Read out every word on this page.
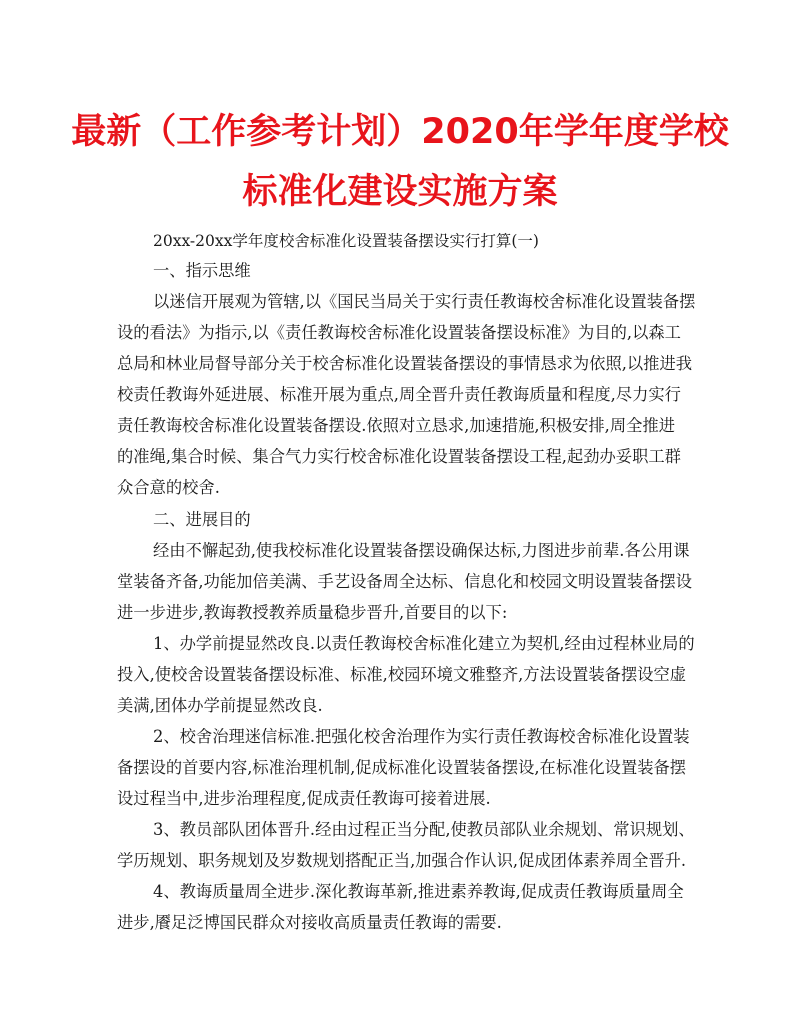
最新（工作参考计划）2020年学年度学校
标准化建设实施方案
20xx-20xx学年度校舍标准化设置装备摆设实行打算(一)
一、指示思维
以迷信开展观为管辖,以《国民当局关于实行责任教诲校舍标准化设置装备摆
设的看法》为指示,以《责任教诲校舍标准化设置装备摆设标准》为目的,以森工
总局和林业局督导部分关于校舍标准化设置装备摆设的事情恳求为依照,以推进我
校责任教诲外延进展、标准开展为重点,周全晋升责任教诲质量和程度,尽力实行
责任教诲校舍标准化设置装备摆设.依照对立恳求,加速措施,积极安排,周全推进
的准绳,集合时候、集合气力实行校舍标准化设置装备摆设工程,起劲办妥职工群
众合意的校舍.
二、进展目的
经由不懈起劲,使我校标准化设置装备摆设确保达标,力图进步前辈.各公用课
堂装备齐备,功能加倍美满、手艺设备周全达标、信息化和校园文明设置装备摆设
进一步进步,教诲教授教养质量稳步晋升,首要目的以下:
1、办学前提显然改良.以责任教诲校舍标准化建立为契机,经由过程林业局的
投入,使校舍设置装备摆设标准、标准,校园环境文雅整齐,方法设置装备摆设空虚
美满,团体办学前提显然改良.
2、校舍治理迷信标准.把强化校舍治理作为实行责任教诲校舍标准化设置装
备摆设的首要内容,标准治理机制,促成标准化设置装备摆设,在标准化设置装备摆
设过程当中,进步治理程度,促成责任教诲可接着进展.
3、教员部队团体晋升.经由过程正当分配,使教员部队业余规划、常识规划、
学历规划、职务规划及岁数规划搭配正当,加强合作认识,促成团体素养周全晋升.
4、教诲质量周全进步.深化教诲革新,推进素养教诲,促成责任教诲质量周全
进步,餍足泛博国民群众对接收高质量责任教诲的需要.
